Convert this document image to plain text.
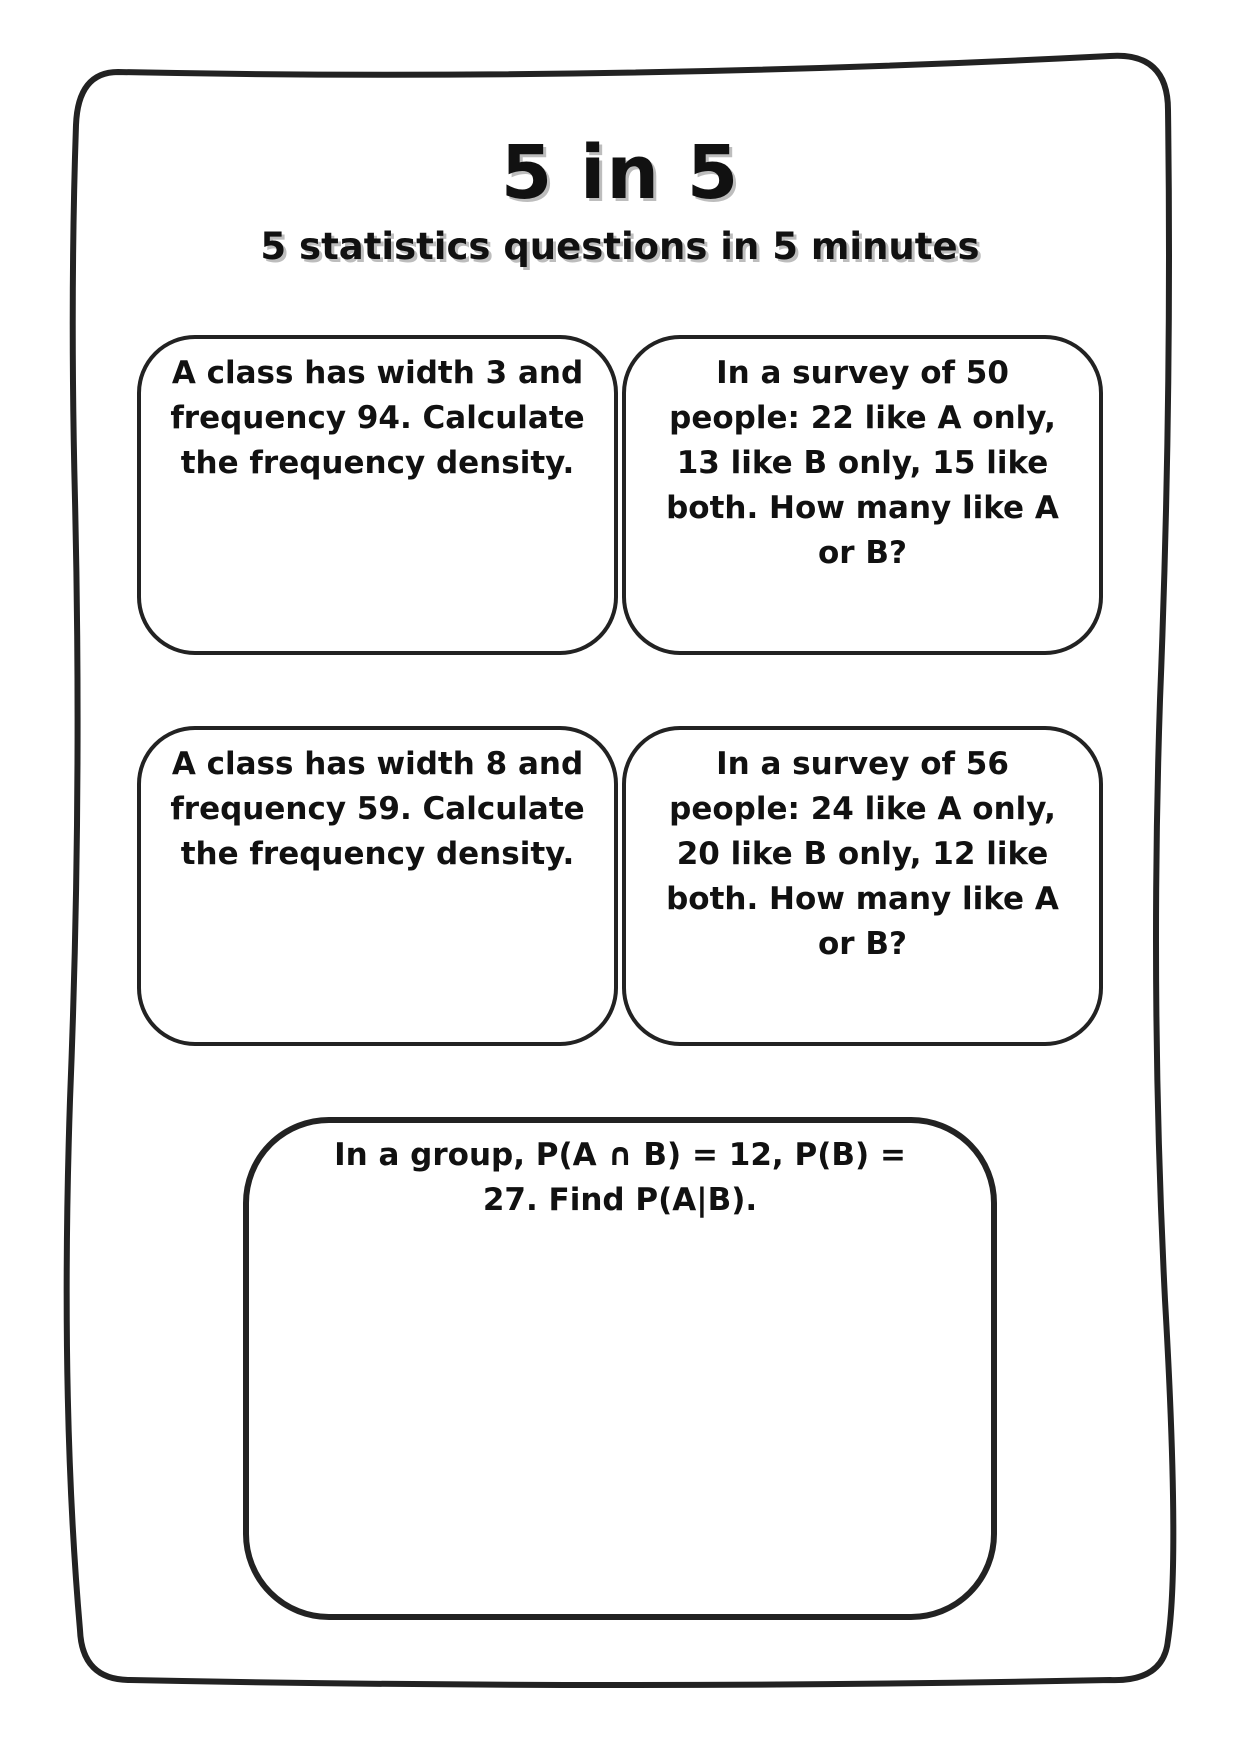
5 in 5
5 statistics questions in 5 minutes
A class has width 3 and frequency 94. Calculate the frequency density.
In a survey of 50 people: 22 like A only, 13 like B only, 15 like both. How many like A or B?
A class has width 8 and frequency 59. Calculate the frequency density.
In a survey of 56 people: 24 like A only, 20 like B only, 12 like both. How many like A or B?
In a group, P(A ∩ B) = 12, P(B) = 27. Find P(A|B).
